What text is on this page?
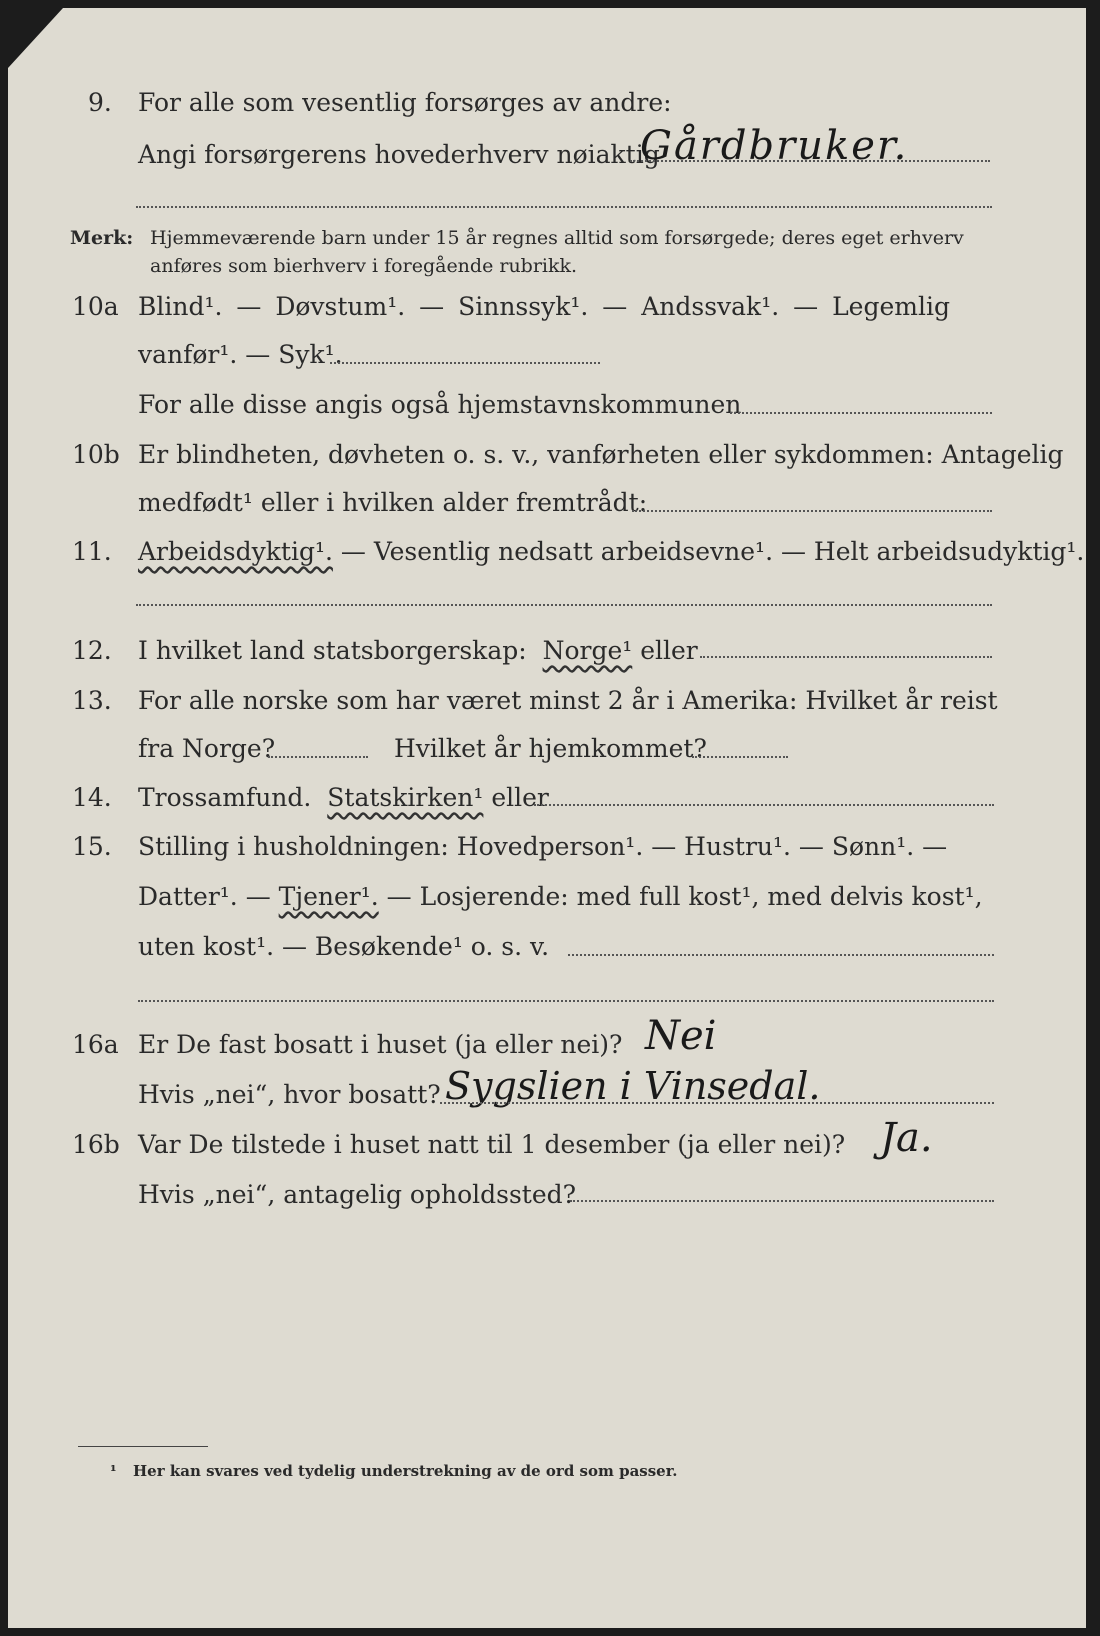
9. For alle som vesentlig forsørges av andre:
Angi forsørgerens hovederhverv nøiaktig
Gårdbruker.
Merk: Hjemmeværende barn under 15 år regnes alltid som forsørgede; deres eget erhverv
anføres som bierhverv i foregående rubrikk.
10a Blind¹. — Døvstum¹. — Sinnssyk¹. — Andssvak¹. — Legemlig
vanfør¹. — Syk¹.
For alle disse angis også hjemstavnskommunen
10b Er blindheten, døvheten o. s. v., vanførheten eller sykdommen: Antagelig
medfødt¹ eller i hvilken alder fremtrådt:
11. Arbeidsdyktig¹. — Vesentlig nedsatt arbeidsevne¹. — Helt arbeidsudyktig¹.
12. I hvilket land statsborgerskap: Norge¹ eller
13. For alle norske som har været minst 2 år i Amerika: Hvilket år reist
fra Norge?	Hvilket år hjemkommet?
14. Trossamfund. Statskirken¹ eller
15. Stilling i husholdningen: Hovedperson¹. — Hustru¹. — Sønn¹. —
Datter¹. — Tjener¹. — Losjerende: med full kost¹, med delvis kost¹,
uten kost¹. — Besøkende¹ o. s. v.
16a Er De fast bosatt i huset (ja eller nei)? Nei
Hvis „nei“, hvor bosatt? Sygslien i Vinsedal.
16b Var De tilstede i huset natt til 1 desember (ja eller nei)? Ja.
Hvis „nei“, antagelig opholdssted?
¹ Her kan svares ved tydelig understrekning av de ord som passer.
